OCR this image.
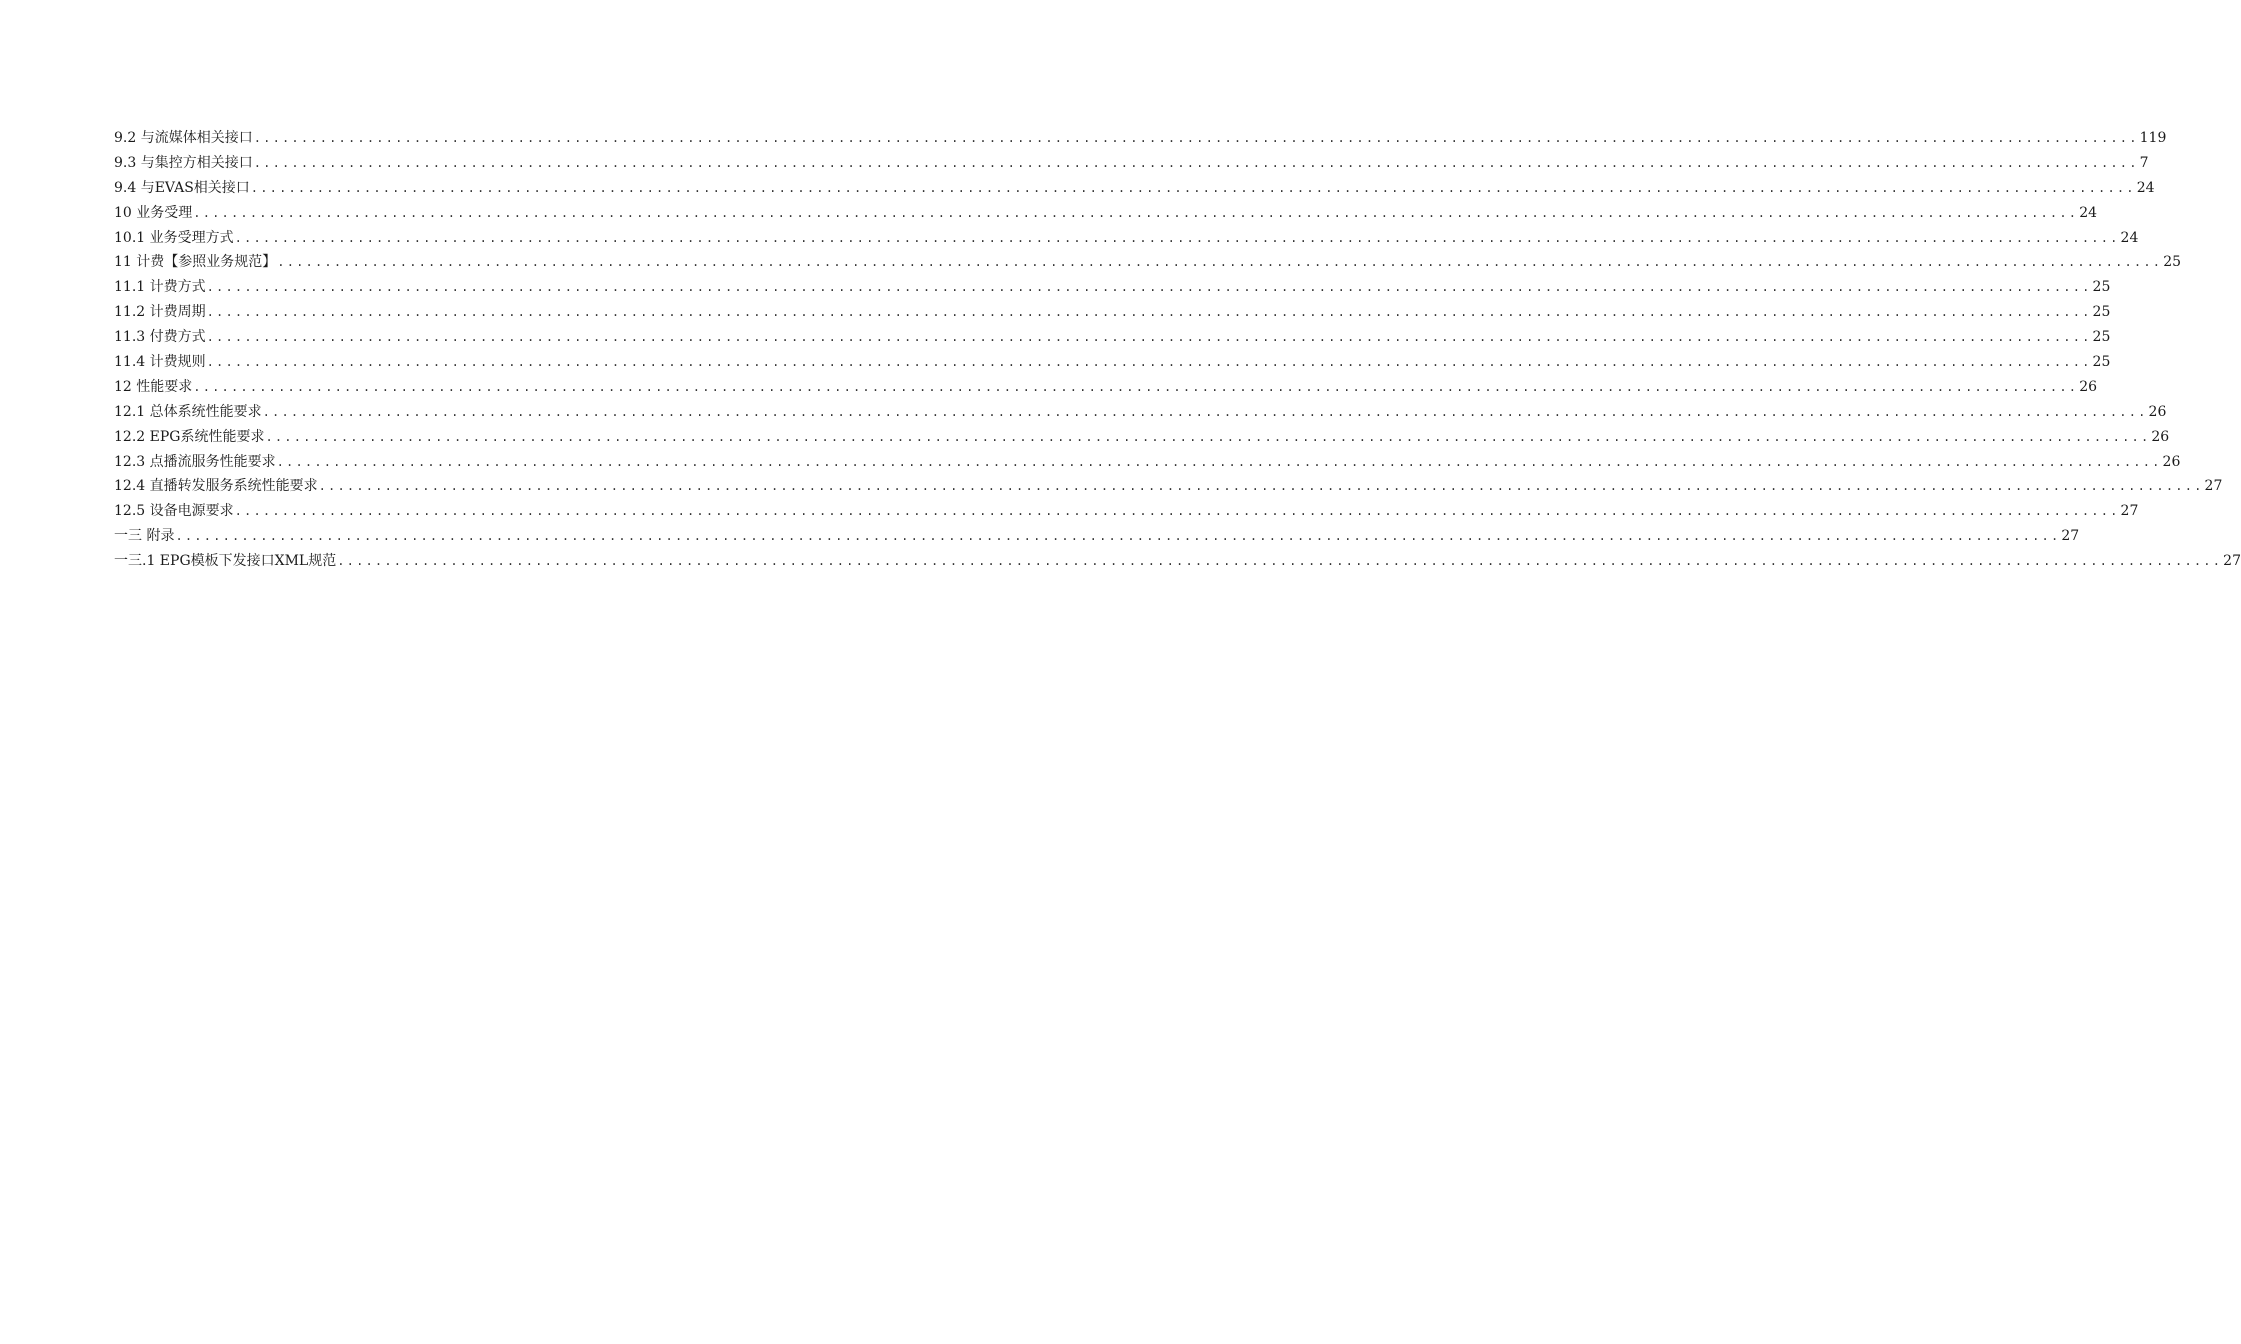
9.2 与流媒体相关接口 ........................................................................................................................................................................................................ 119
9.3 与集控方相关接口 ........................................................................................................................................................................................................ 7
9.4 与EVAS相关接口 ........................................................................................................................................................................................................ 24
10 业务受理 ........................................................................................................................................................................................................ 24
10.1 业务受理方式 ........................................................................................................................................................................................................ 24
11 计费【参照业务规范】 ........................................................................................................................................................................................................ 25
11.1 计费方式 ........................................................................................................................................................................................................ 25
11.2 计费周期 ........................................................................................................................................................................................................ 25
11.3 付费方式 ........................................................................................................................................................................................................ 25
11.4 计费规则 ........................................................................................................................................................................................................ 25
12 性能要求 ........................................................................................................................................................................................................ 26
12.1 总体系统性能要求 ........................................................................................................................................................................................................ 26
12.2 EPG系统性能要求 ........................................................................................................................................................................................................ 26
12.3 点播流服务性能要求 ........................................................................................................................................................................................................ 26
12.4 直播转发服务系统性能要求 ........................................................................................................................................................................................................ 27
12.5 设备电源要求 ........................................................................................................................................................................................................ 27
一三 附录 ........................................................................................................................................................................................................ 27
一三.1 EPG模板下发接口XML规范 ........................................................................................................................................................................................................ 27
